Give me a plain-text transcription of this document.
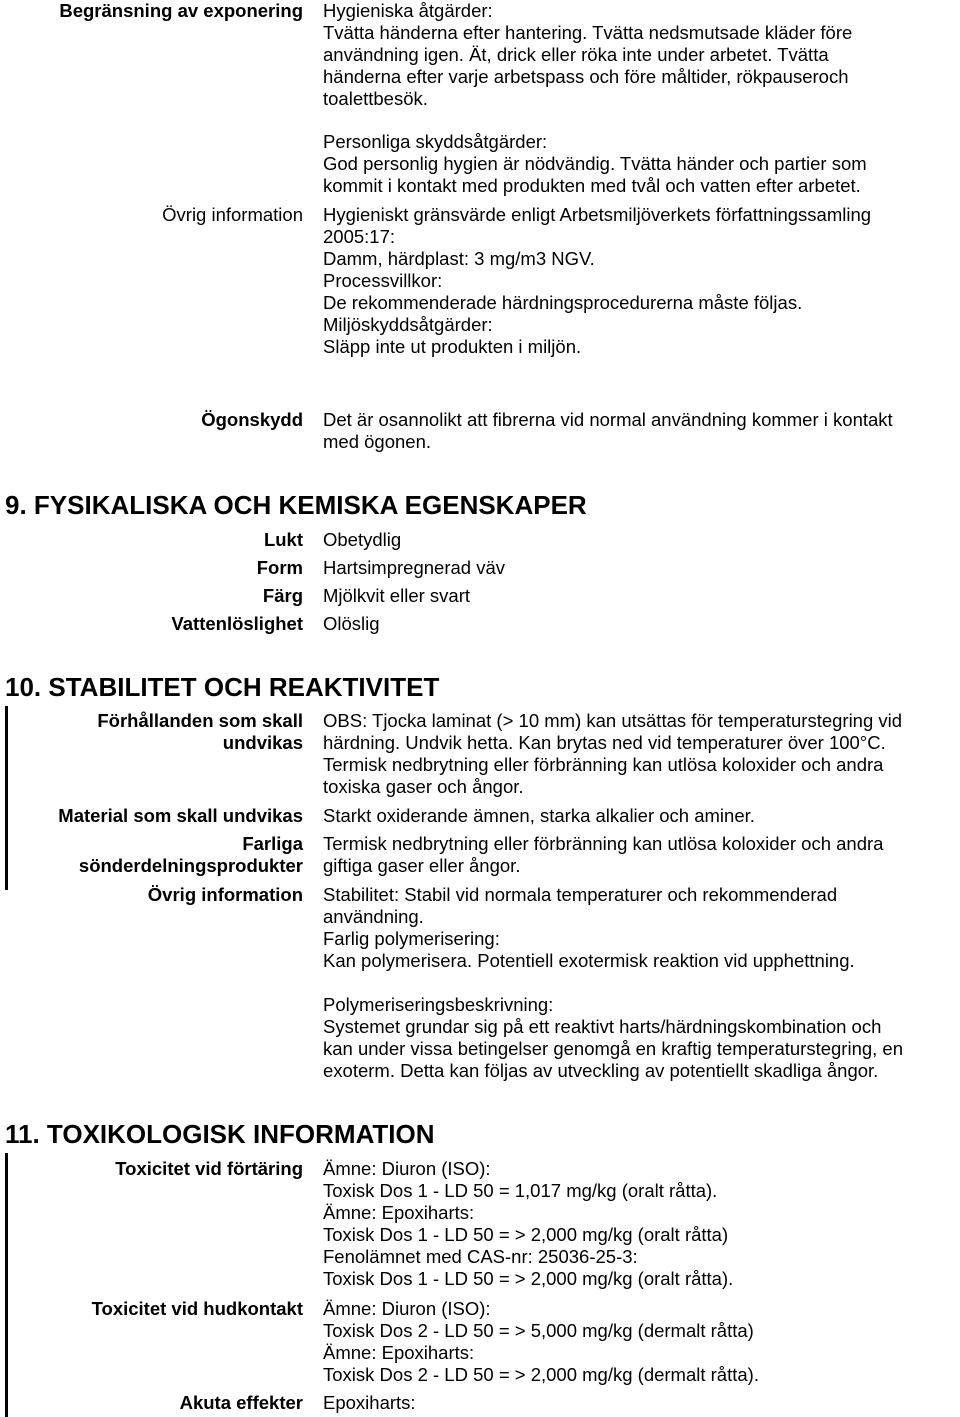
Begränsning av exponering Hygieniska åtgärder:
Tvätta händerna efter hantering. Tvätta nedsmutsade kläder före
användning igen. Ät, drick eller röka inte under arbetet. Tvätta
händerna efter varje arbetspass och före måltider, rökpauseroch
toalettbesök.
Personliga skyddsåtgärder:
God personlig hygien är nödvändig. Tvätta händer och partier som
kommit i kontakt med produkten med tvål och vatten efter arbetet.
Övrig information Hygieniskt gränsvärde enligt Arbetsmiljöverkets författningssamling
2005:17:
Damm, härdplast: 3 mg/m3 NGV.
Processvillkor:
De rekommenderade härdningsprocedurerna måste följas.
Miljöskyddsåtgärder:
Släpp inte ut produkten i miljön.
Ögonskydd Det är osannolikt att fibrerna vid normal användning kommer i kontakt
med ögonen.
9. FYSIKALISKA OCH KEMISKA EGENSKAPER
Lukt Obetydlig
Form Hartsimpregnerad väv
Färg Mjölkvit eller svart
Vattenlöslighet Olöslig
10. STABILITET OCH REAKTIVITET
Förhållanden som skall
undvikas
OBS: Tjocka laminat (> 10 mm) kan utsättas för temperaturstegring vid
härdning. Undvik hetta. Kan brytas ned vid temperaturer över 100°C.
Termisk nedbrytning eller förbränning kan utlösa koloxider och andra
toxiska gaser och ångor.
Material som skall undvikas Starkt oxiderande ämnen, starka alkalier och aminer.
Farliga
sönderdelningsprodukter
Termisk nedbrytning eller förbränning kan utlösa koloxider och andra
giftiga gaser eller ångor.
Övrig information Stabilitet: Stabil vid normala temperaturer och rekommenderad
användning.
Farlig polymerisering:
Kan polymerisera. Potentiell exotermisk reaktion vid upphettning.
Polymeriseringsbeskrivning:
Systemet grundar sig på ett reaktivt harts/härdningskombination och
kan under vissa betingelser genomgå en kraftig temperaturstegring, en
exoterm. Detta kan följas av utveckling av potentiellt skadliga ångor.
11. TOXIKOLOGISK INFORMATION
Toxicitet vid förtäring Ämne: Diuron (ISO):
Toxisk Dos 1 - LD 50 = 1,017 mg/kg (oralt råtta).
Ämne: Epoxiharts:
Toxisk Dos 1 - LD 50 = > 2,000 mg/kg (oralt råtta)
Fenolämnet med CAS-nr: 25036-25-3:
Toxisk Dos 1 - LD 50 = > 2,000 mg/kg (oralt råtta).
Toxicitet vid hudkontakt Ämne: Diuron (ISO):
Toxisk Dos 2 - LD 50 = > 5,000 mg/kg (dermalt råtta)
Ämne: Epoxiharts:
Toxisk Dos 2 - LD 50 = > 2,000 mg/kg (dermalt råtta).
Akuta effekter Epoxiharts:
